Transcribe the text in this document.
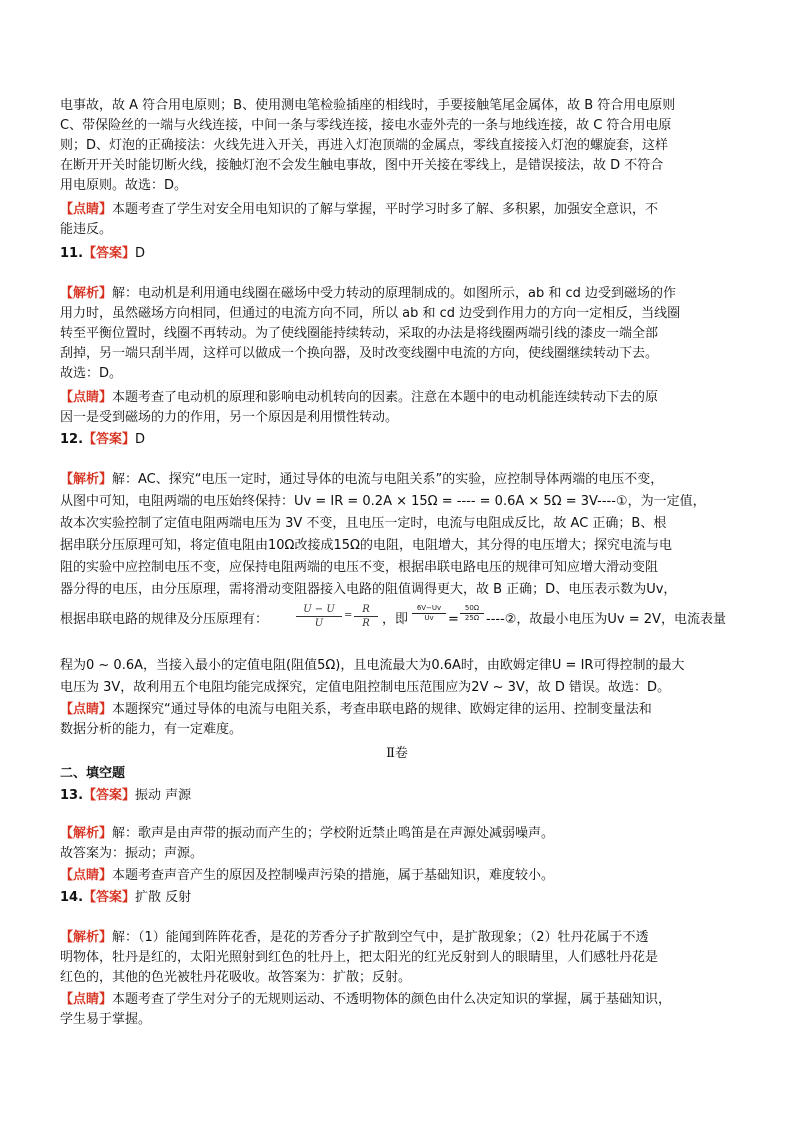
电事故，故 A 符合用电原则；B、使用测电笔检验插座的相线时，手要接触笔尾金属体，故 B 符合用电原则
C、带保险丝的一端与火线连接，中间一条与零线连接，接电水壶外壳的一条与地线连接，故 C 符合用电原
则；D、灯泡的正确接法：火线先进入开关，再进入灯泡顶端的金属点，零线直接接入灯泡的螺旋套，这样
在断开开关时能切断火线，接触灯泡不会发生触电事故，图中开关接在零线上，是错误接法，故 D 不符合
用电原则。故选：D。
【点睛】本题考查了学生对安全用电知识的了解与掌握，平时学习时多了解、多积累，加强安全意识，不
能违反。
11.【答案】D
【解析】解：电动机是利用通电线圈在磁场中受力转动的原理制成的。如图所示，ab 和 cd 边受到磁场的作
用力时，虽然磁场方向相同，但通过的电流方向不同，所以 ab 和 cd 边受到作用力的方向一定相反，当线圈
转至平衡位置时，线圈不再转动。为了使线圈能持续转动，采取的办法是将线圈两端引线的漆皮一端全部
刮掉，另一端只刮半周，这样可以做成一个换向器，及时改变线圈中电流的方向，使线圈继续转动下去。
故选：D。
【点睛】本题考查了电动机的原理和影响电动机转向的因素。注意在本题中的电动机能连续转动下去的原
因一是受到磁场的力的作用，另一个原因是利用惯性转动。
12.【答案】D
【解析】解：AC、探究“电压一定时，通过导体的电流与电阻关系”的实验，应控制导体两端的电压不变，
从图中可知，电阻两端的电压始终保持：Uv = IR = 0.2A × 15Ω = ---- = 0.6A × 5Ω = 3V----①，为一定值，
故本次实验控制了定值电阻两端电压为 3V 不变，且电压一定时，电流与电阻成反比，故 AC 正确；B、根
据串联分压原理可知，将定值电阻由10Ω改接成15Ω的电阻，电阻增大，其分得的电压增大；探究电流与电
阻的实验中应控制电压不变，应保持电阻两端的电压不变，根据串联电路电压的规律可知应增大滑动变阻
器分得的电压，由分压原理，需将滑动变阻器接入电路的阻值调得更大，故 B 正确；D、电压表示数为Uv，
根据串联电路的规律及分压原理有：	$\frac{U - U}{U} = \frac{R}{R}$ ，即 $\frac{6V-Uv}{Uv} = \frac{50\Omega}{25\Omega}$ ----②，故最小电压为Uv = 2V，电流表量
程为0 ~ 0.6A，当接入最小的定值电阻(阻值5Ω)，且电流最大为0.6A时，由欧姆定律U = IR可得控制的最大
电压为 3V，故利用五个电阻均能完成探究，定值电阻控制电压范围应为2V ~ 3V，故 D 错误。故选：D。
【点睛】本题探究“通过导体的电流与电阻关系，考查串联电路的规律、欧姆定律的运用、控制变量法和
数据分析的能力，有一定难度。
Ⅱ卷
二、填空题
13.【答案】振动 声源
【解析】解：歌声是由声带的振动而产生的；学校附近禁止鸣笛是在声源处减弱噪声。
故答案为：振动；声源。
【点睛】本题考查声音产生的原因及控制噪声污染的措施，属于基础知识，难度较小。
14.【答案】扩散 反射
【解析】解：（1）能闻到阵阵花香，是花的芳香分子扩散到空气中，是扩散现象；（2）牡丹花属于不透
明物体，牡丹是红的，太阳光照射到红色的牡丹上，把太阳光的红光反射到人的眼睛里，人们感牡丹花是
红色的，其他的色光被牡丹花吸收。故答案为：扩散；反射。
【点睛】本题考查了学生对分子的无规则运动、不透明物体的颜色由什么决定知识的掌握，属于基础知识，
学生易于掌握。
